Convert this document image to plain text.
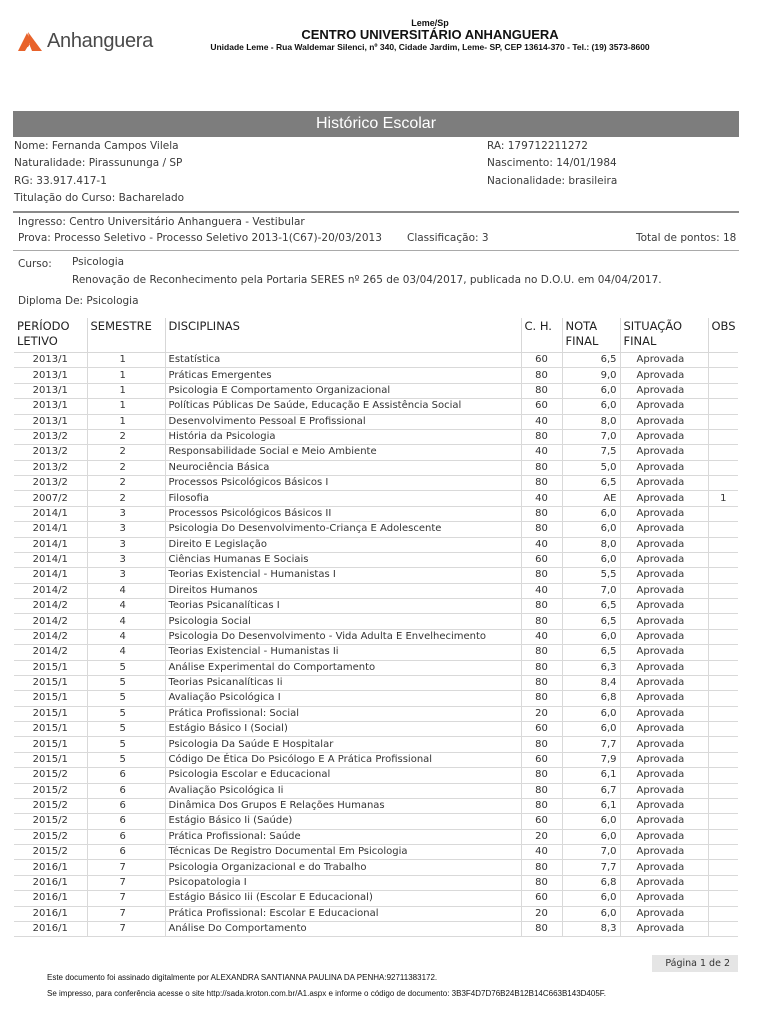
Anhanguera
Leme/Sp
CENTRO UNIVERSITÁRIO ANHANGUERA
Unidade Leme - Rua Waldemar Silenci, nº 340, Cidade Jardim, Leme- SP, CEP 13614-370 - Tel.: (19) 3573-8600
Histórico Escolar
Nome: Fernanda Campos Vilela
Naturalidade: Pirassununga / SP
RG: 33.917.417-1
Titulação do Curso: Bacharelado
RA: 179712211272
Nascimento: 14/01/1984
Nacionalidade: brasileira
Ingresso: Centro Universitário Anhanguera - Vestibular
Prova: Processo Seletivo - Processo Seletivo 2013-1(C67)-20/03/2013 Classificação: 3	Total de pontos: 18
Curso: Psicologia
Renovação de Reconhecimento pela Portaria SERES nº 265 de 03/04/2017, publicada no D.O.U. em 04/04/2017.
Diploma De: Psicologia
PERÍODO LETIVO	SEMESTRE	DISCIPLINAS	C. H.	NOTA FINAL	SITUAÇÃO FINAL	OBS
2013/1	1	Estatística	60	6,5	Aprovada	
2013/1	1	Práticas Emergentes	80	9,0	Aprovada	
2013/1	1	Psicologia E Comportamento Organizacional	80	6,0	Aprovada	
2013/1	1	Políticas Públicas De Saúde, Educação E Assistência Social	60	6,0	Aprovada	
2013/1	1	Desenvolvimento Pessoal E Profissional	40	8,0	Aprovada	
2013/2	2	História da Psicologia	80	7,0	Aprovada	
2013/2	2	Responsabilidade Social e Meio Ambiente	40	7,5	Aprovada	
2013/2	2	Neurociência Básica	80	5,0	Aprovada	
2013/2	2	Processos Psicológicos Básicos I	80	6,5	Aprovada	
2007/2	2	Filosofia	40	AE	Aprovada	1
2014/1	3	Processos Psicológicos Básicos II	80	6,0	Aprovada	
2014/1	3	Psicologia Do Desenvolvimento-Criança E Adolescente	80	6,0	Aprovada	
2014/1	3	Direito E Legislação	40	8,0	Aprovada	
2014/1	3	Ciências Humanas E Sociais	60	6,0	Aprovada	
2014/1	3	Teorias Existencial - Humanistas I	80	5,5	Aprovada	
2014/2	4	Direitos Humanos	40	7,0	Aprovada	
2014/2	4	Teorias Psicanalíticas I	80	6,5	Aprovada	
2014/2	4	Psicologia Social	80	6,5	Aprovada	
2014/2	4	Psicologia Do Desenvolvimento - Vida Adulta E Envelhecimento	40	6,0	Aprovada	
2014/2	4	Teorias Existencial - Humanistas Ii	80	6,5	Aprovada	
2015/1	5	Análise Experimental do Comportamento	80	6,3	Aprovada	
2015/1	5	Teorias Psicanalíticas Ii	80	8,4	Aprovada	
2015/1	5	Avaliação Psicológica I	80	6,8	Aprovada	
2015/1	5	Prática Profissional: Social	20	6,0	Aprovada	
2015/1	5	Estágio Básico I (Social)	60	6,0	Aprovada	
2015/1	5	Psicologia Da Saúde E Hospitalar	80	7,7	Aprovada	
2015/1	5	Código De Ética Do Psicólogo E A Prática Profissional	60	7,9	Aprovada	
2015/2	6	Psicologia Escolar e Educacional	80	6,1	Aprovada	
2015/2	6	Avaliação Psicológica Ii	80	6,7	Aprovada	
2015/2	6	Dinâmica Dos Grupos E Relações Humanas	80	6,1	Aprovada	
2015/2	6	Estágio Básico Ii (Saúde)	60	6,0	Aprovada	
2015/2	6	Prática Profissional: Saúde	20	6,0	Aprovada	
2015/2	6	Técnicas De Registro Documental Em Psicologia	40	7,0	Aprovada	
2016/1	7	Psicologia Organizacional e do Trabalho	80	7,7	Aprovada	
2016/1	7	Psicopatologia I	80	6,8	Aprovada	
2016/1	7	Estágio Básico Iii (Escolar E Educacional)	60	6,0	Aprovada	
2016/1	7	Prática Profissional: Escolar E Educacional	20	6,0	Aprovada	
2016/1	7	Análise Do Comportamento	80	8,3	Aprovada	
Página 1 de 2
Este documento foi assinado digitalmente por ALEXANDRA SANTIANNA PAULINA DA PENHA:92711383172.
Se impresso, para conferência acesse o site http://sada.kroton.com.br/A1.aspx e informe o código de documento: 3B3F4D7D76B24B12B14C663B143D405F.
